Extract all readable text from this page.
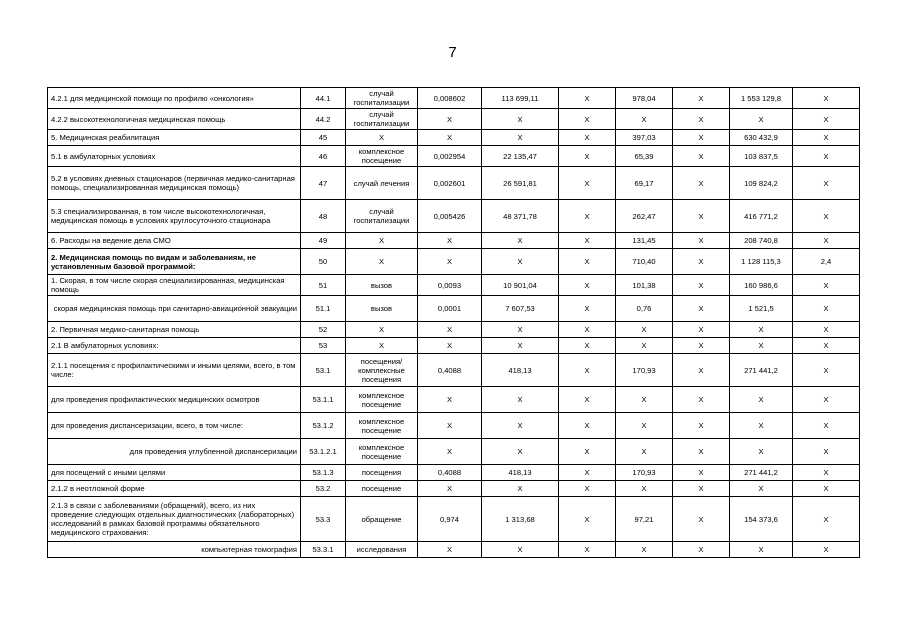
7
4.2.1 для медицинской помощи по профилю «онкология»	44.1	случай госпитализации	0,008602	113 699,11	X	978,04	X	1 553 129,8	X
4.2.2 высокотехнологичная медицинская помощь	44.2	случай госпитализации	X	X	X	X	X	X	X
5. Медицинская реабилитация	45	X	X	X	X	397,03	X	630 432,9	X
5.1 в амбулаторных условиях	46	комплексное посещение	0,002954	22 135,47	X	65,39	X	103 837,5	X
5.2 в условиях дневных стационаров (первичная медико-санитарная помощь, специализированная медицинская помощь)	47	случай лечения	0,002601	26 591,81	X	69,17	X	109 824,2	X
5.3 специализированная, в том числе высокотехнологичная, медицинская помощь в условиях круглосуточного стационара	48	случай госпитализации	0,005426	48 371,78	X	262,47	X	416 771,2	X
6. Расходы на ведение дела СМО	49	X	X	X	X	131,45	X	208 740,8	X
2. Медицинская помощь по видам и заболеваниям, не установленным базовой программой:	50	X	X	X	X	710,40	X	1 128 115,3	2,4
1. Скорая, в том числе скорая специализированная, медицинская помощь	51	вызов	0,0093	10 901,04	X	101,38	X	160 986,6	X
скорая медицинская помощь при санитарно-авиационной эвакуации	51.1	вызов	0,0001	7 607,53	X	0,76	X	1 521,5	X
2. Первичная медико-санитарная помощь	52	X	X	X	X	X	X	X	X
2.1 В амбулаторных условиях:	53	X	X	X	X	X	X	X	X
2.1.1 посещения с профилактическими и иными целями, всего, в том числе:	53.1	посещения/ комплексные посещения	0,4088	418,13	X	170,93	X	271 441,2	X
для проведения профилактических медицинских осмотров	53.1.1	комплексное посещение	X	X	X	X	X	X	X
для проведения диспансеризации, всего, в том числе:	53.1.2	комплексное посещение	X	X	X	X	X	X	X
для проведения углубленной диспансеризации	53.1.2.1	комплексное посещение	X	X	X	X	X	X	X
для посещений с иными целями	53.1.3	посещения	0,4088	418,13	X	170,93	X	271 441,2	X
2.1.2 в неотложной форме	53.2	посещение	X	X	X	X	X	X	X
2.1.3 в связи с заболеваниями (обращений), всего, из них проведение следующих отдельных диагностических (лабораторных) исследований в рамках базовой программы обязательного медицинского страхования:	53.3	обращение	0,974	1 313,68	X	97,21	X	154 373,6	X
компьютерная томография	53.3.1	исследования	X	X	X	X	X	X	X
